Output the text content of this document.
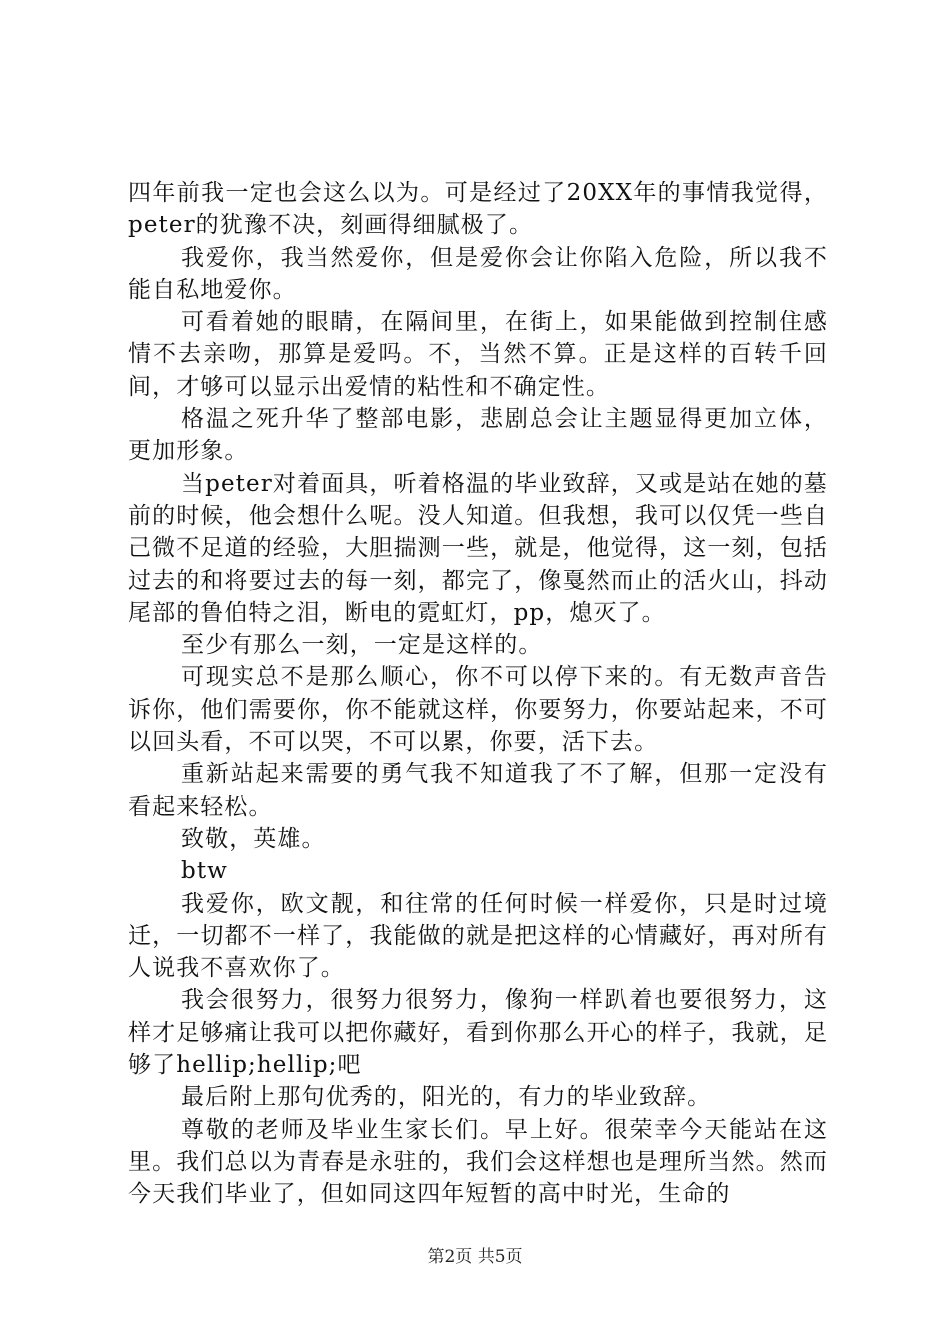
四年前我一定也会这么以为。可是经过了20XX年的事情我觉得，peter的犹豫不决，刻画得细腻极了。

我爱你，我当然爱你，但是爱你会让你陷入危险，所以我不能自私地爱你。

可看着她的眼睛，在隔间里，在街上，如果能做到控制住感情不去亲吻，那算是爱吗。不，当然不算。正是这样的百转千回间，才够可以显示出爱情的粘性和不确定性。

格温之死升华了整部电影，悲剧总会让主题显得更加立体，更加形象。

当peter对着面具，听着格温的毕业致辞，又或是站在她的墓前的时候，他会想什么呢。没人知道。但我想，我可以仅凭一些自己微不足道的经验，大胆揣测一些，就是，他觉得，这一刻，包括过去的和将要过去的每一刻，都完了，像戛然而止的活火山，抖动尾部的鲁伯特之泪，断电的霓虹灯，pp，熄灭了。

至少有那么一刻，一定是这样的。

可现实总不是那么顺心，你不可以停下来的。有无数声音告诉你，他们需要你，你不能就这样，你要努力，你要站起来，不可以回头看，不可以哭，不可以累，你要，活下去。

重新站起来需要的勇气我不知道我了不了解，但那一定没有看起来轻松。

致敬，英雄。

btw

我爱你，欧文靓，和往常的任何时候一样爱你，只是时过境迁，一切都不一样了，我能做的就是把这样的心情藏好，再对所有人说我不喜欢你了。

我会很努力，很努力很努力，像狗一样趴着也要很努力，这样才足够痛让我可以把你藏好，看到你那么开心的样子，我就，足够了hellip;hellip;吧

最后附上那句优秀的，阳光的，有力的毕业致辞。

尊敬的老师及毕业生家长们。早上好。很荣幸今天能站在这里。我们总以为青春是永驻的，我们会这样想也是理所当然。然而今天我们毕业了，但如同这四年短暂的高中时光，生命的

第2页 共5页
